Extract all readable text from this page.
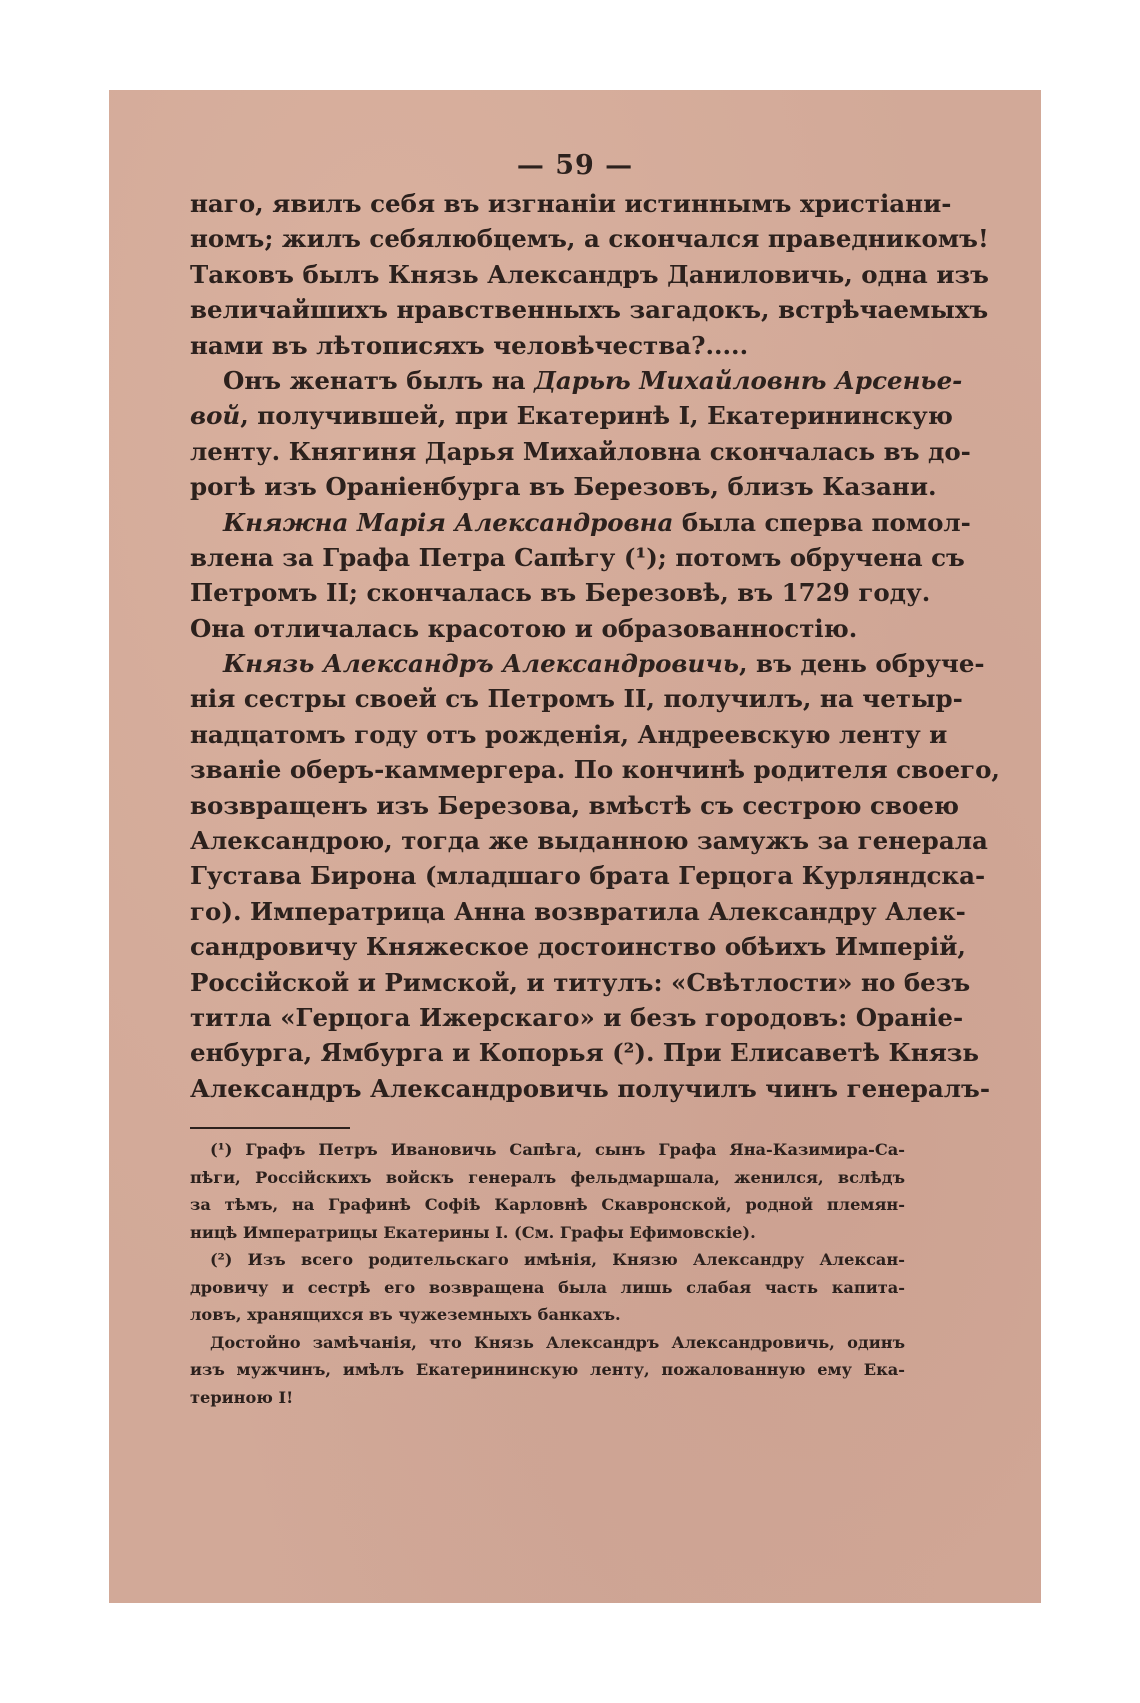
— 59 —
наго, явилъ себя въ изгнаніи истиннымъ христіани-
номъ; жилъ себялюбцемъ, а скончался праведникомъ!
Таковъ былъ Князь Александръ Даниловичь, одна изъ
величайшихъ нравственныхъ загадокъ, встрѣчаемыхъ
нами въ лѣтописяхъ человѣчества?.....
Онъ женатъ былъ на Дарьѣ Михайловнѣ Арсенье-
вой, получившей, при Екатеринѣ I, Екатерининскую
ленту. Княгиня Дарья Михайловна скончалась въ до-
рогѣ изъ Ораніенбурга въ Березовъ, близъ Казани.
Княжна Марія Александровна была сперва помол-
влена за Графа Петра Сапѣгу (¹); потомъ обручена съ
Петромъ II; скончалась въ Березовѣ, въ 1729 году.
Она отличалась красотою и образованностію.
Князь Александръ Александровичь, въ день обруче-
нія сестры своей съ Петромъ II, получилъ, на четыр-
надцатомъ году отъ рожденія, Андреевскую ленту и
званіе оберъ-каммергера. По кончинѣ родителя своего,
возвращенъ изъ Березова, вмѣстѣ съ сестрою своею
Александрою, тогда же выданною замужъ за генерала
Густава Бирона (младшаго брата Герцога Курляндска-
го). Императрица Анна возвратила Александру Алек-
сандровичу Княжеское достоинство обѣихъ Имперій,
Россійской и Римской, и титулъ: «Свѣтлости» но безъ
титла «Герцога Ижерскаго» и безъ городовъ: Ораніе-
енбурга, Ямбурга и Копорья (²). При Елисаветѣ Князь
Александръ Александровичь получилъ чинъ генералъ-
(¹) Графъ Петръ Ивановичь Сапѣга, сынъ Графа Яна-Казимира-Са-
пѣги, Россійскихъ войскъ генералъ фельдмаршала, женился, вслѣдъ
за тѣмъ, на Графинѣ Софіѣ Карловнѣ Скавронской, родной племян-
ницѣ Императрицы Екатерины I. (См. Графы Ефимовскіе).
(²) Изъ всего родительскаго имѣнія, Князю Александру Алексан-
дровичу и сестрѣ его возвращена была лишь слабая часть капита-
ловъ, хранящихся въ чужеземныхъ банкахъ.
Достойно замѣчанія, что Князь Александръ Александровичь, одинъ
изъ мужчинъ, имѣлъ Екатерининскую ленту, пожалованную ему Ека-
териною I!
